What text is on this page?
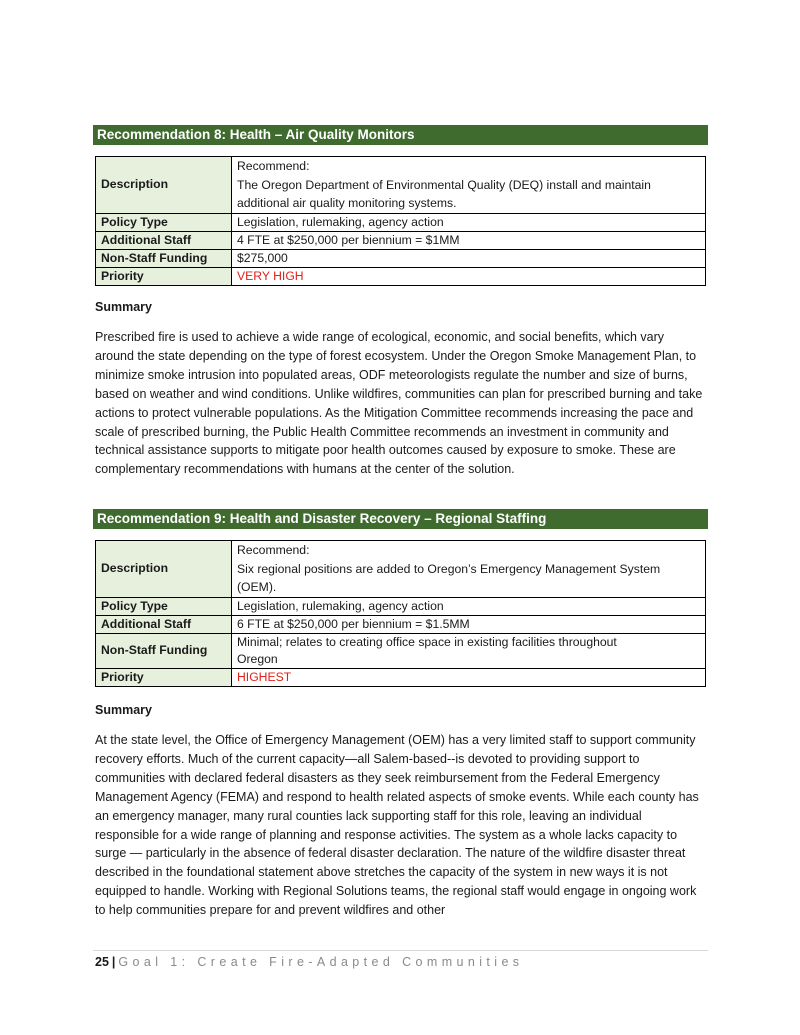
Recommendation 8: Health – Air Quality Monitors
Description	Recommend:
The Oregon Department of Environmental Quality (DEQ) install and maintain
additional air quality monitoring systems.

Policy Type	Legislation, rulemaking, agency action
Additional Staff	4 FTE at $250,000 per biennium = $1MM
Non-Staff Funding	$275,000
Priority	VERY HIGH
Summary

Prescribed fire is used to achieve a wide range of ecological, economic, and social benefits, which vary around the state depending on the type of forest ecosystem. Under the Oregon Smoke Management Plan, to minimize smoke intrusion into populated areas, ODF meteorologists regulate the number and size of burns, based on weather and wind conditions. Unlike wildfires, communities can plan for prescribed burning and take actions to protect vulnerable populations. As the Mitigation Committee recommends increasing the pace and scale of prescribed burning, the Public Health Committee recommends an investment in community and technical assistance supports to mitigate poor health outcomes caused by exposure to smoke. These are complementary recommendations with humans at the center of the solution.

Recommendation 9: Health and Disaster Recovery – Regional Staffing
Description	Recommend:
Six regional positions are added to Oregon’s Emergency Management System
(OEM).

Policy Type	Legislation, rulemaking, agency action
Additional Staff	6 FTE at $250,000 per biennium = $1.5MM
Non-Staff Funding	Minimal; relates to creating office space in existing facilities throughout
Oregon

Priority	HIGHEST
Summary

At the state level, the Office of Emergency Management (OEM) has a very limited staff to support community recovery efforts. Much of the current capacity—all Salem-based--is devoted to providing support to communities with declared federal disasters as they seek reimbursement from the Federal Emergency Management Agency (FEMA) and respond to health related aspects of smoke events. While each county has an emergency manager, many rural counties lack supporting staff for this role, leaving an individual responsible for a wide range of planning and response activities. The system as a whole lacks capacity to surge — particularly in the absence of federal disaster declaration. The nature of the wildfire disaster threat described in the foundational statement above stretches the capacity of the system in new ways it is not equipped to handle. Working with Regional Solutions teams, the regional staff would engage in ongoing work to help communities prepare for and prevent wildfires and other

25 | Goal 1: Create Fire-Adapted Communities
